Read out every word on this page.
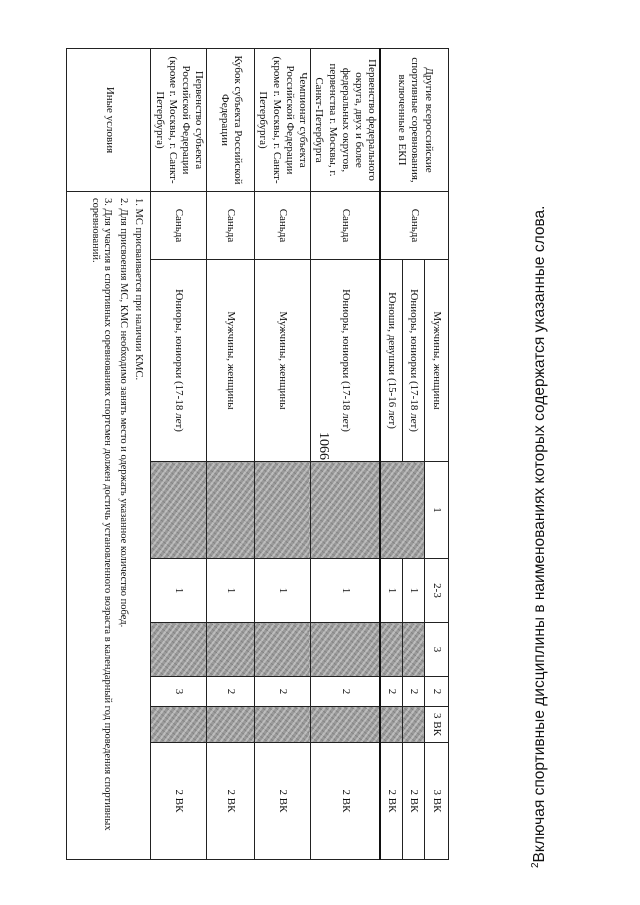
1066
Другие всероссийские спортивные соревнования, включенные в ЕКП	Саньда	Мужчины, женщины	1	2-3	3	2	3 ВК	3 ВК
		Юниоры, юниорки (17-18 лет)		1		2		2 ВК
		Юноши, девушки (15-16 лет)		1		2		2 ВК
Первенство федерального округа, двух и более федеральных округов, первенства г. Москвы, г. Санкт-Петербурга	Саньда	Юниоры, юниорки (17-18 лет)		1		2		2 ВК
Чемпионат субъекта Российской Федерации (кроме г. Москвы, г. Санкт-Петербурга)	Саньда	Мужчины, женщины		1		2		2 ВК
Кубок субъекта Российской Федерации	Саньда	Мужчины, женщины		1		2		2 ВК
Первенство субъекта Российской Федерации (кроме г. Москвы, г. Санкт-Петербурга)	Саньда	Юниоры, юниорки (17-18 лет)		1		3		2 ВК
Иные условия	1. МС присваивается при наличии КМС.
2. Для присвоения МС, КМС необходимо занять место и одержать указанное количество побед.
3. Для участия в спортивных соревнованиях спортсмен должен достичь установленного возраста в календарный год проведения спортивных соревнований.							
$^2$Включая спортивные дисциплины в наименованиях которых содержатся указанные слова.
